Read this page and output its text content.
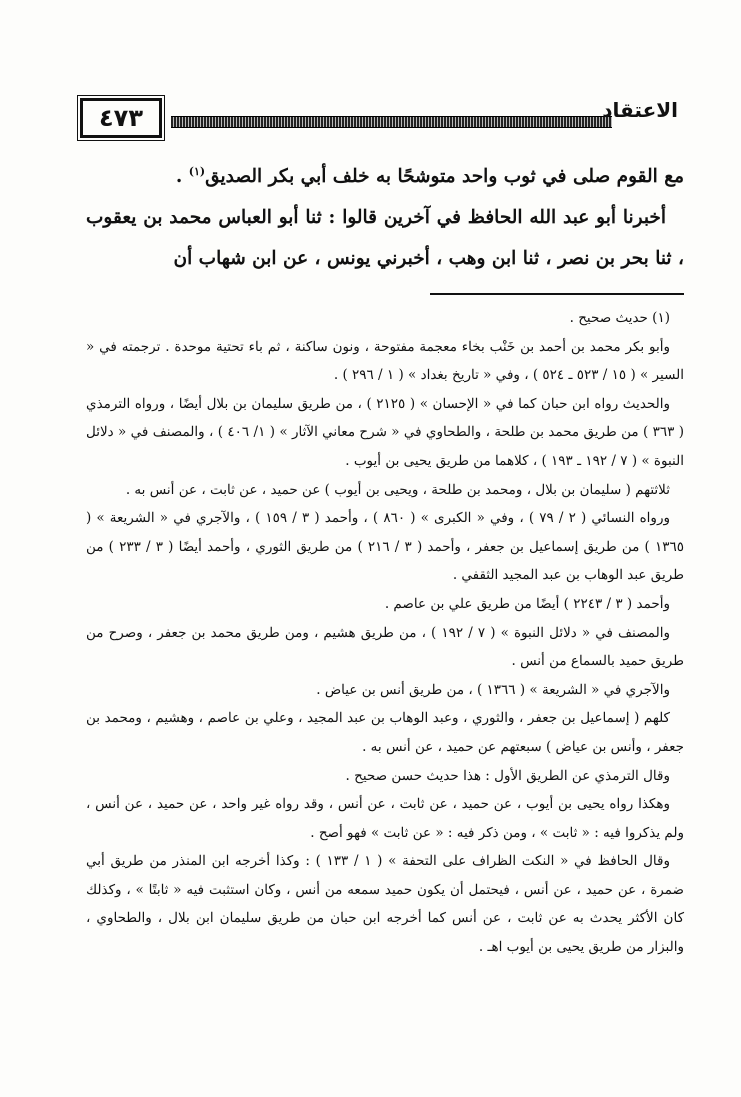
٤٧٣	الاعتقاد

مع القوم صلى في ثوب واحد متوشحًا به خلف أبي بكر الصديق$^{(١)}$ .

أخبرنا أبو عبد الله الحافظ في آخرين قالوا : ثنا أبو العباس محمد بن يعقوب ، ثنا بحر بن نصر ، ثنا ابن وهب ، أخبرني يونس ، عن ابن شهاب أن

(١) حديث صحيح .

وأبو بكر محمد بن أحمد بن خَنْب بخاء معجمة مفتوحة ، ونون ساكنة ، ثم باء تحتية موحدة . ترجمته في « السير » ( ١٥ / ٥٢٣ ـ ٥٢٤ ) ، وفي « تاريخ بغداد » ( ١ / ٢٩٦ ) .

والحديث رواه ابن حبان كما في « الإحسان » ( ٢١٢٥ ) ، من طريق سليمان بن بلال أيضًا ، ورواه الترمذي ( ٣٦٣ ) من طريق محمد بن طلحة ، والطحاوي في « شرح معاني الآثار » ( ١/ ٤٠٦ ) ، والمصنف في « دلائل النبوة » ( ٧ / ١٩٢ ـ ١٩٣ ) ، كلاهما من طريق يحيى بن أيوب .

ثلاثتهم ( سليمان بن بلال ، ومحمد بن طلحة ، ويحيى بن أيوب ) عن حميد ، عن ثابت ، عن أنس به .

ورواه النسائي ( ٢ / ٧٩ ) ، وفي « الكبرى » ( ٨٦٠ ) ، وأحمد ( ٣ / ١٥٩ ) ، والآجري في « الشريعة » ( ١٣٦٥ ) من طريق إسماعيل بن جعفر ، وأحمد ( ٣ / ٢١٦ ) من طريق الثوري ، وأحمد أيضًا ( ٣ / ٢٣٣ ) من طريق عبد الوهاب بن عبد المجيد الثقفي .

وأحمد ( ٣ / ٢٢٤٣ ) أيضًا من طريق علي بن عاصم .

والمصنف في « دلائل النبوة » ( ٧ / ١٩٢ ) ، من طريق هشيم ، ومن طريق محمد بن جعفر ، وصرح من طريق حميد بالسماع من أنس .

والآجري في « الشريعة » ( ١٣٦٦ ) ، من طريق أنس بن عياض .

كلهم ( إسماعيل بن جعفر ، والثوري ، وعبد الوهاب بن عبد المجيد ، وعلي بن عاصم ، وهشيم ، ومحمد بن جعفر ، وأنس بن عياض ) سبعتهم عن حميد ، عن أنس به .

وقال الترمذي عن الطريق الأول : هذا حديث حسن صحيح .

وهكذا رواه يحيى بن أيوب ، عن حميد ، عن ثابت ، عن أنس ، وقد رواه غير واحد ، عن حميد ، عن أنس ، ولم يذكروا فيه : « ثابت » ، ومن ذكر فيه : « عن ثابت » فهو أصح .

وقال الحافظ في « النكت الظراف على التحفة » ( ١ / ١٣٣ ) : وكذا أخرجه ابن المنذر من طريق أبي ضمرة ، عن حميد ، عن أنس ، فيحتمل أن يكون حميد سمعه من أنس ، وكان استثبت فيه « ثابتًا » ، وكذلك كان الأكثر يحدث به عن ثابت ، عن أنس كما أخرجه ابن حبان من طريق سليمان ابن بلال ، والطحاوي ، والبزار من طريق يحيى بن أيوب اهـ .
